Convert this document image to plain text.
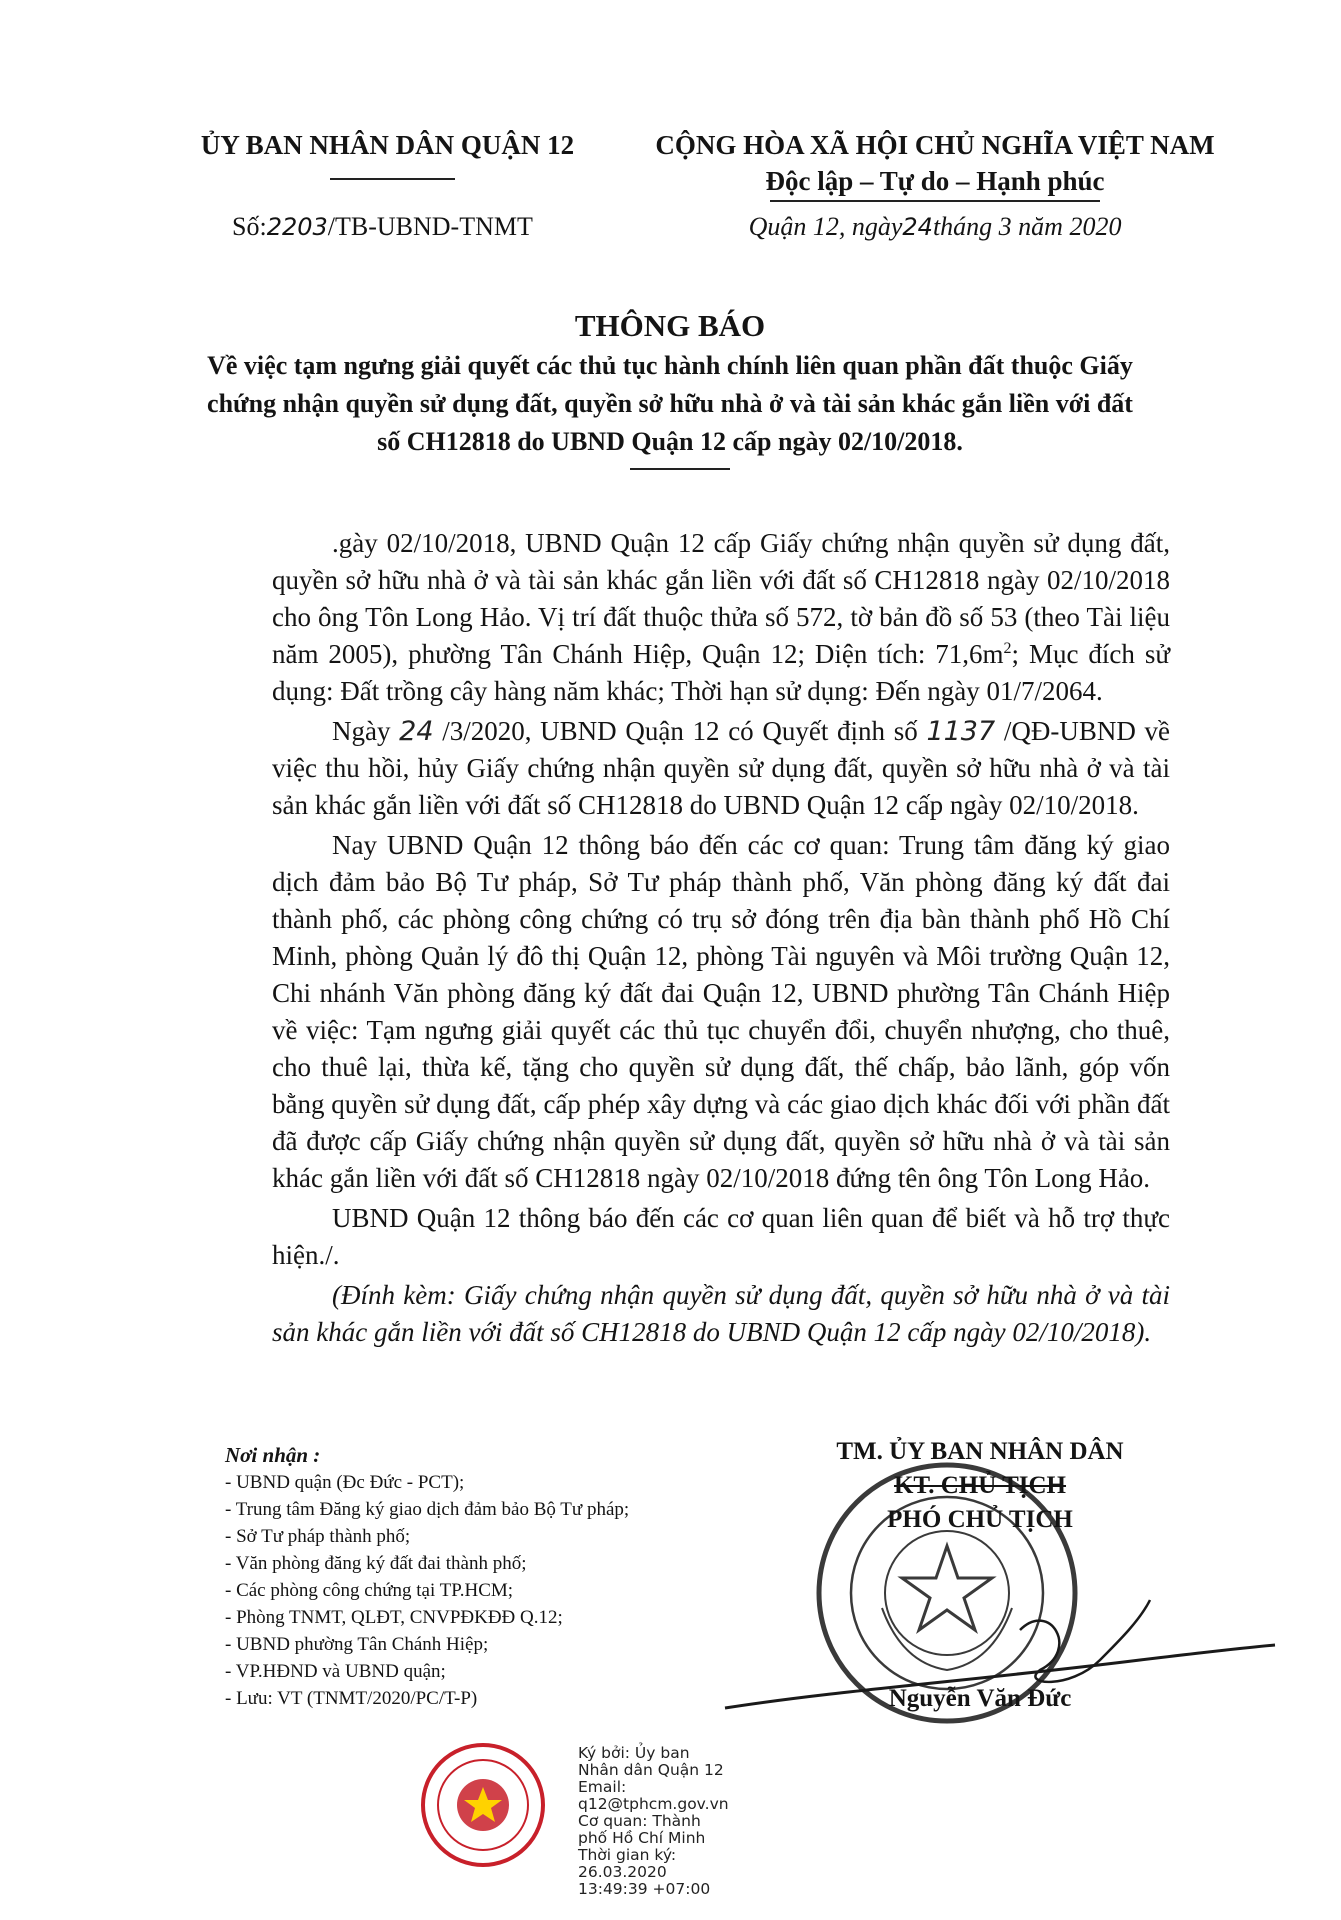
ỦY BAN NHÂN DÂN QUẬN 12
Số:2203/TB-UBND-TNMT
CỘNG HÒA XÃ HỘI CHỦ NGHĨA VIỆT NAM
Độc lập – Tự do – Hạnh phúc
Quận 12, ngày24tháng 3 năm 2020
THÔNG BÁO
Về việc tạm ngưng giải quyết các thủ tục hành chính liên quan phần đất thuộc Giấy chứng nhận quyền sử dụng đất, quyền sở hữu nhà ở và tài sản khác gắn liền với đất số CH12818 do UBND Quận 12 cấp ngày 02/10/2018.

.gày 02/10/2018, UBND Quận 12 cấp Giấy chứng nhận quyền sử dụng đất, quyền sở hữu nhà ở và tài sản khác gắn liền với đất số CH12818 ngày 02/10/2018 cho ông Tôn Long Hảo. Vị trí đất thuộc thửa số 572, tờ bản đồ số 53 (theo Tài liệu năm 2005), phường Tân Chánh Hiệp, Quận 12; Diện tích: $71,6m^2$; Mục đích sử dụng: Đất trồng cây hàng năm khác; Thời hạn sử dụng: Đến ngày 01/7/2064.

Ngày 24 /3/2020, UBND Quận 12 có Quyết định số 1137 /QĐ-UBND về việc thu hồi, hủy Giấy chứng nhận quyền sử dụng đất, quyền sở hữu nhà ở và tài sản khác gắn liền với đất số CH12818 do UBND Quận 12 cấp ngày 02/10/2018.

Nay UBND Quận 12 thông báo đến các cơ quan: Trung tâm đăng ký giao dịch đảm bảo Bộ Tư pháp, Sở Tư pháp thành phố, Văn phòng đăng ký đất đai thành phố, các phòng công chứng có trụ sở đóng trên địa bàn thành phố Hồ Chí Minh, phòng Quản lý đô thị Quận 12, phòng Tài nguyên và Môi trường Quận 12, Chi nhánh Văn phòng đăng ký đất đai Quận 12, UBND phường Tân Chánh Hiệp về việc: Tạm ngưng giải quyết các thủ tục chuyển đổi, chuyển nhượng, cho thuê, cho thuê lại, thừa kế, tặng cho quyền sử dụng đất, thế chấp, bảo lãnh, góp vốn bằng quyền sử dụng đất, cấp phép xây dựng và các giao dịch khác đối với phần đất đã được cấp Giấy chứng nhận quyền sử dụng đất, quyền sở hữu nhà ở và tài sản khác gắn liền với đất số CH12818 ngày 02/10/2018 đứng tên ông Tôn Long Hảo.

UBND Quận 12 thông báo đến các cơ quan liên quan để biết và hỗ trợ thực hiện./.

(Đính kèm: Giấy chứng nhận quyền sử dụng đất, quyền sở hữu nhà ở và tài sản khác gắn liền với đất số CH12818 do UBND Quận 12 cấp ngày 02/10/2018).

Nơi nhận :
- UBND quận (Đc Đức - PCT);
- Trung tâm Đăng ký giao dịch đảm bảo Bộ Tư pháp;
- Sở Tư pháp thành phố;
- Văn phòng đăng ký đất đai thành phố;
- Các phòng công chứng tại TP.HCM;
- Phòng TNMT, QLĐT, CNVPĐKĐĐ Q.12;
- UBND phường Tân Chánh Hiệp;
- VP.HĐND và UBND quận;
- Lưu: VT (TNMT/2020/PC/T-P)
TM. ỦY BAN NHÂN DÂN
KT. CHỦ TỊCH
PHÓ CHỦ TỊCH
Nguyễn Văn Đức
Ký bởi: Ủy ban
Nhân dân Quận 12
Email:
q12@tphcm.gov.vn
Cơ quan: Thành
phố Hồ Chí Minh
Thời gian ký:
26.03.2020
13:49:39 +07:00
